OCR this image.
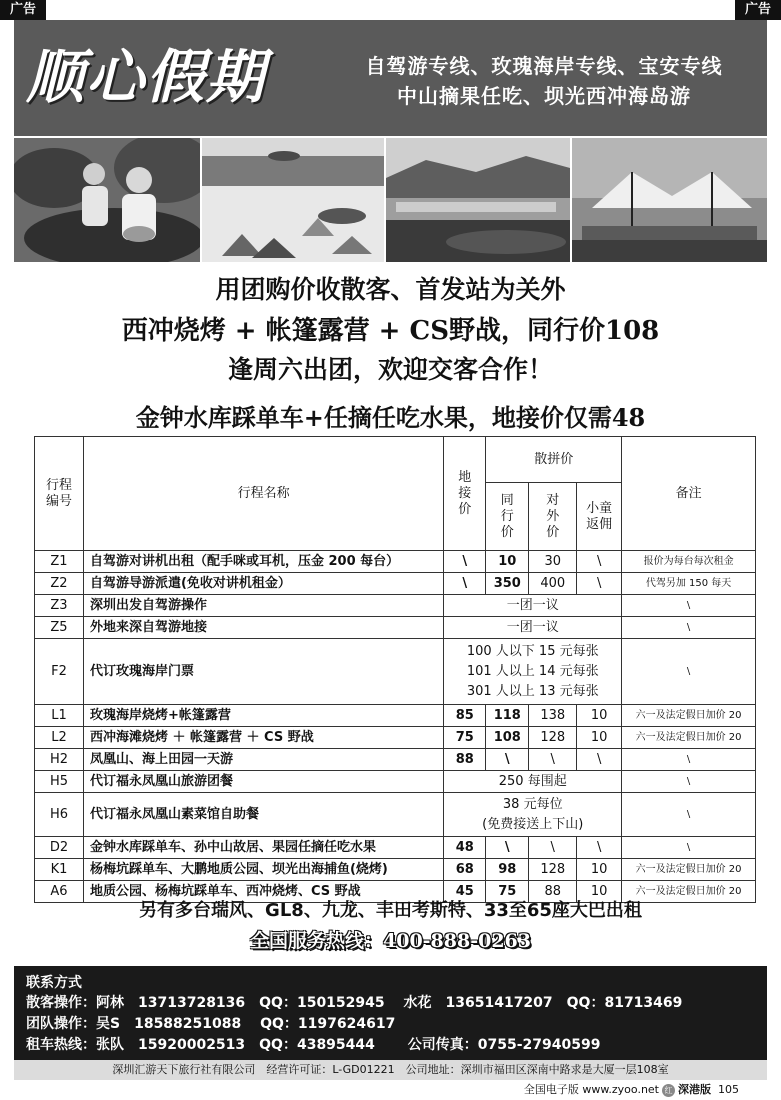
广告	广告
顺心假期	自驾游专线、玫瑰海岸专线、宝安专线
中山摘果任吃、坝光西冲海岛游
用团购价收散客、首发站为关外
西冲烧烤 + 帐篷露营 + CS野战，同行价108
逢周六出团，欢迎交客合作！
金钟水库踩单车+任摘任吃水果，地接价仅需48
行程编号	行程名称	地接价	散拼价			备注
			同行价	对外价	小童返佣	
Z1	自驾游对讲机出租（配手咪或耳机，压金 200 每台）	\	10	30	\	报价为每台每次租金
Z2	自驾游导游派遣(免收对讲机租金）	\	350	400	\	代驾另加 150 每天
Z3	深圳出发自驾游操作	一团一议				\
Z5	外地来深自驾游地接	一团一议				\
F2	代订玫瑰海岸门票	100 人以下 15 元每张
101 人以上 14 元每张
301 人以上 13 元每张				\
L1	玫瑰海岸烧烤+帐篷露营	85	118	138	10	六一及法定假日加价 20
L2	西冲海滩烧烤 ＋ 帐篷露营 ＋ CS 野战	75	108	128	10	六一及法定假日加价 20
H2	凤凰山、海上田园一天游	88	\	\	\	\
H5	代订福永凤凰山旅游团餐	250 每围起				\
H6	代订福永凤凰山素菜馆自助餐	38 元每位
(免费接送上下山)				\
D2	金钟水库踩单车、孙中山故居、果园任摘任吃水果	48	\	\	\	\
K1	杨梅坑踩单车、大鹏地质公园、坝光出海捕鱼(烧烤)	68	98	128	10	六一及法定假日加价 20
A6	地质公园、杨梅坑踩单车、西冲烧烤、CS 野战	45	75	88	10	六一及法定假日加价 20
另有多台瑞风、GL8、九龙、丰田考斯特、33至65座大巴出租
全国服务热线：400-888-0263
联系方式
散客操作：阿林　13713728136　QQ：150152945　 水花　13651417207　QQ：81713469
团队操作：吴S　18588251088　 QQ：1197624617
租车热线：张队　15920002513　QQ：43895444　　 公司传真：0755-27940599
深圳汇游天下旅行社有限公司　经营许可证：L-GD01221　公司地址：深圳市福田区深南中路求是大厦一层108室
全国电子版 www.zyoo.net 红 深港版 105
